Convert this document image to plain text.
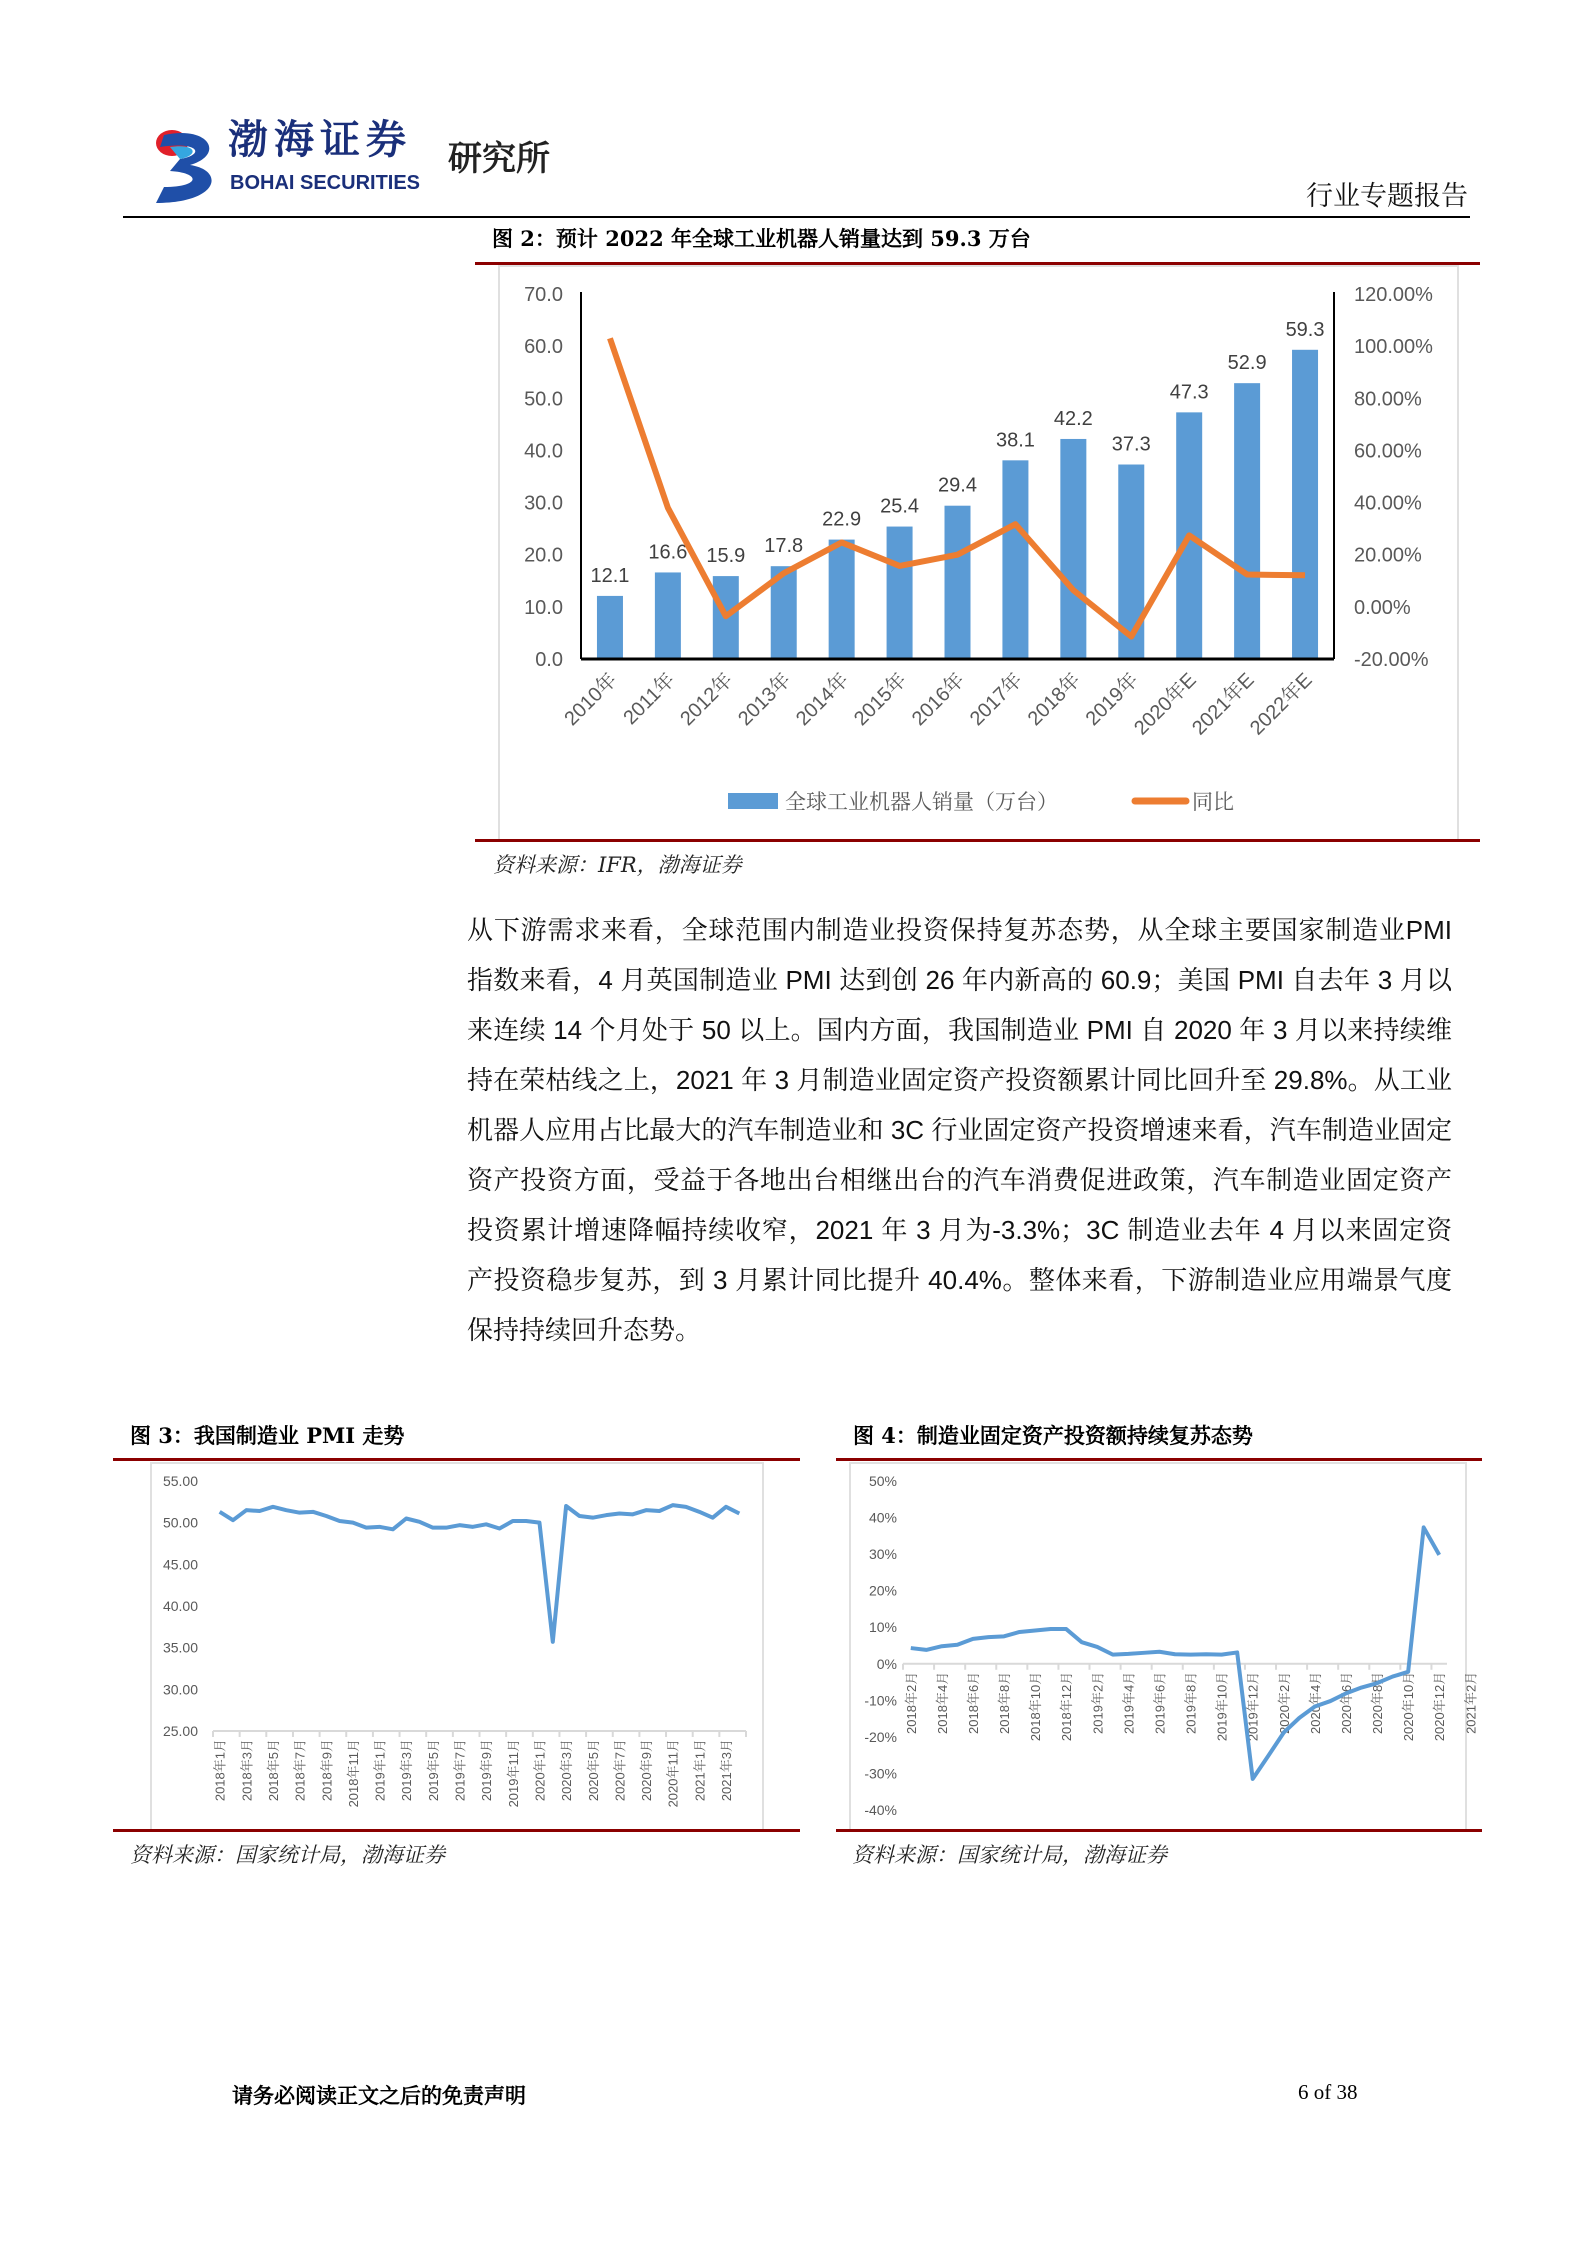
渤海证券
BOHAI SECURITIES
研究所
行业专题报告
图 2：预计 2022 年全球工业机器人销量达到 59.3 万台
0.0
10.0
20.0
30.0
40.0
50.0
60.0
70.0
-20.00%
0.00%
20.00%
40.00%
60.00%
80.00%
100.00%
120.00%
12.1
2010年
16.6
2011年
15.9
2012年
17.8
2013年
22.9
2014年
25.4
2015年
29.4
2016年
38.1
2017年
42.2
2018年
37.3
2019年
47.3
2020年E
52.9
2021年E
59.3
2022年E
全球工业机器人销量（万台）	同比
资料来源：IFR，渤海证券
从下游需求来看，全球范围内制造业投资保持复苏态势，从全球主要国家制造业PMI 指数来看，4 月英国制造业 PMI 达到创 26 年内新高的 60.9；美国 PMI 自去年 3 月以来连续 14 个月处于 50 以上。国内方面，我国制造业 PMI 自 2020 年 3 月以来持续维持在荣枯线之上，2021 年 3 月制造业固定资产投资额累计同比回升至 29.8%。从工业机器人应用占比最大的汽车制造业和 3C 行业固定资产投资增速来看，汽车制造业固定资产投资方面，受益于各地出台相继出台的汽车消费促进政策，汽车制造业固定资产投资累计增速降幅持续收窄，2021 年 3 月为-3.3%；3C 制造业去年 4 月以来固定资产投资稳步复苏，到 3 月累计同比提升 40.4%。整体来看，下游制造业应用端景气度保持持续回升态势。
图 3：我国制造业 PMI 走势
资料来源：国家统计局，渤海证券
图 4：制造业固定资产投资额持续复苏态势
资料来源：国家统计局，渤海证券
25.00
30.00
35.00
40.00
45.00
50.00
55.00
2018年1月 2018年3月 2018年5月 2018年7月 2018年9月 2018年11月 2019年1月 2019年3月 2019年5月 2019年7月 2019年9月 2019年11月 2020年1月 2020年3月 2020年5月 2020年7月 2020年9月 2020年11月 2021年1月 2021年3月
-40%
-30%
-20%
-10%
0%
10%
20%
30%
40%
50%
2018年2月 2018年4月 2018年6月 2018年8月 2018年10月 2018年12月 2019年2月 2019年4月 2019年6月 2019年8月 2019年10月 2019年12月 2020年2月 2020年4月 2020年6月 2020年8月 2020年10月 2020年12月 2021年2月
请务必阅读正文之后的免责声明	6 of 38
